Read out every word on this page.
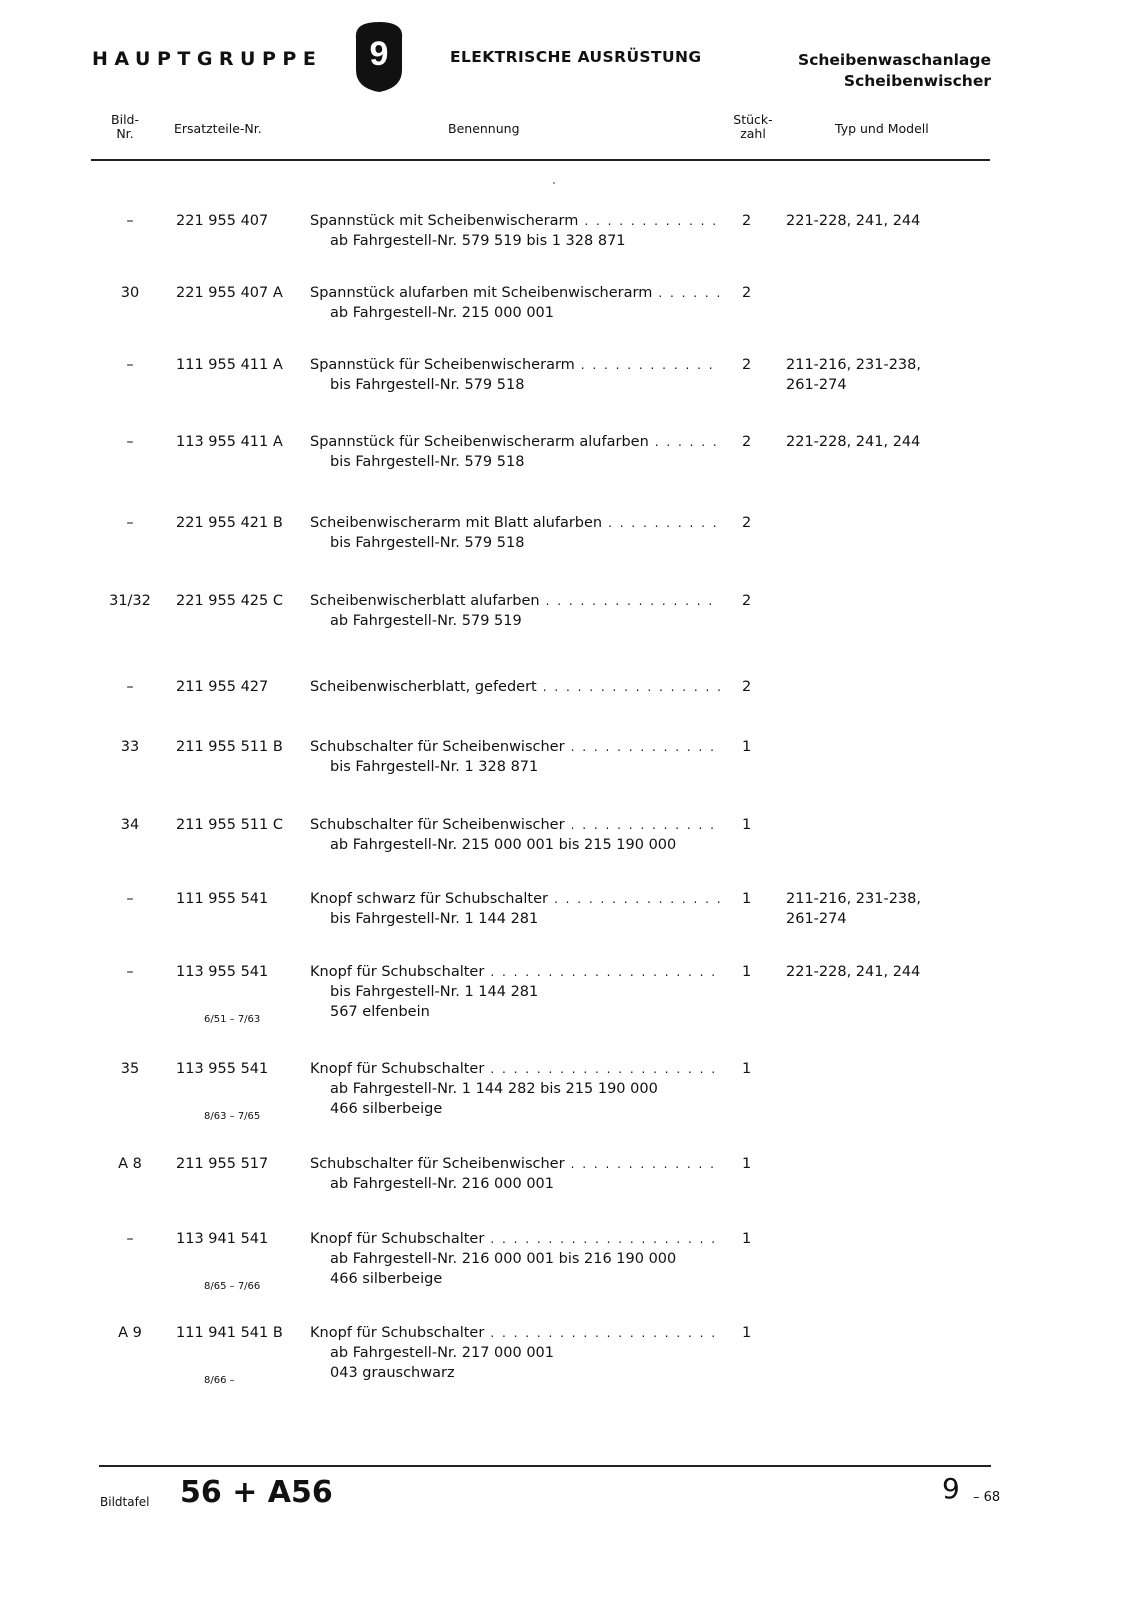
HAUPTGRUPPE 9	ELEKTRISCHE AUSRÜSTUNG	Scheibenwaschanlage
Scheibenwischer
Bild-
Nr.	Ersatzteile-Nr.	Benennung
Stück-
zahl	Typ und Modell
–	221 955 407	Spannstück mit Scheibenwischerarm
. . .
ab Fahrgestell-Nr. 579 519 bis 1 328 871
2 221-228, 241, 244
30	221 955 407 A Spannstück alufarben mit Scheibenwischerarm
. . .
ab Fahrgestell-Nr. 215 000 001
2
–	111 955 411 A Spannstück für Scheibenwischerarm
. . .
bis Fahrgestell-Nr. 579 518
2 211-216, 231-238,
261-274
–	113 955 411 A Spannstück für Scheibenwischerarm alufarben
. . .
bis Fahrgestell-Nr. 579 518
2 221-228, 241, 244
–	221 955 421 B Scheibenwischerarm mit Blatt alufarben
. . .
bis Fahrgestell-Nr. 579 518
2
31/32	221 955 425 C Scheibenwischerblatt alufarben
. . .
ab Fahrgestell-Nr. 579 519
2
–	211 955 427	Scheibenwischerblatt, gefedert
. . .	2
33	211 955 511 B Schubschalter für Scheibenwischer
. . .
bis Fahrgestell-Nr. 1 328 871
1
34	211 955 511 C Schubschalter für Scheibenwischer
. . .
ab Fahrgestell-Nr. 215 000 001 bis 215 190 000
1
–	111 955 541	Knopf schwarz für Schubschalter
. . .
bis Fahrgestell-Nr. 1 144 281
1 211-216, 231-238,
261-274
–	113 955 541	Knopf für Schubschalter
. . .
bis Fahrgestell-Nr. 1 144 281
567 elfenbein
1 221-228, 241, 244
6/51 – 7/63
35	113 955 541	Knopf für Schubschalter
. . .
ab Fahrgestell-Nr. 1 144 282 bis 215 190 000
466 silberbeige
1
8/63 – 7/65
A 8	211 955 517	Schubschalter für Scheibenwischer
. . .
ab Fahrgestell-Nr. 216 000 001
1
–	113 941 541	Knopf für Schubschalter
. . .
ab Fahrgestell-Nr. 216 000 001 bis 216 190 000
466 silberbeige
1
8/65 – 7/66
A 9	111 941 541 B Knopf für Schubschalter
. . .
ab Fahrgestell-Nr. 217 000 001
043 grauschwarz
1
8/66 –
Bildtafel 56 + A56	9 – 68
